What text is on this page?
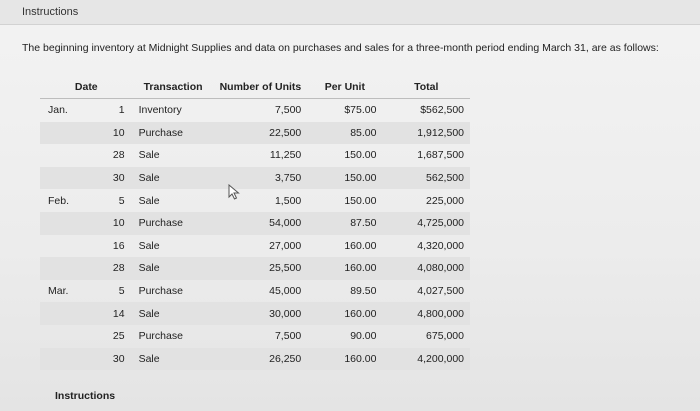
Instructions
The beginning inventory at Midnight Supplies and data on purchases and sales for a three-month period ending March 31, are as follows:
Date		Transaction	Number of Units	Per Unit	Total
Jan.	1	Inventory	7,500	$75.00	$562,500
	10	Purchase	22,500	85.00	1,912,500
	28	Sale	11,250	150.00	1,687,500
	30	Sale	3,750	150.00	562,500
Feb.	5	Sale	1,500	150.00	225,000
	10	Purchase	54,000	87.50	4,725,000
	16	Sale	27,000	160.00	4,320,000
	28	Sale	25,500	160.00	4,080,000
Mar.	5	Purchase	45,000	89.50	4,027,500
	14	Sale	30,000	160.00	4,800,000
	25	Purchase	7,500	90.00	675,000
	30	Sale	26,250	160.00	4,200,000
Instructions
